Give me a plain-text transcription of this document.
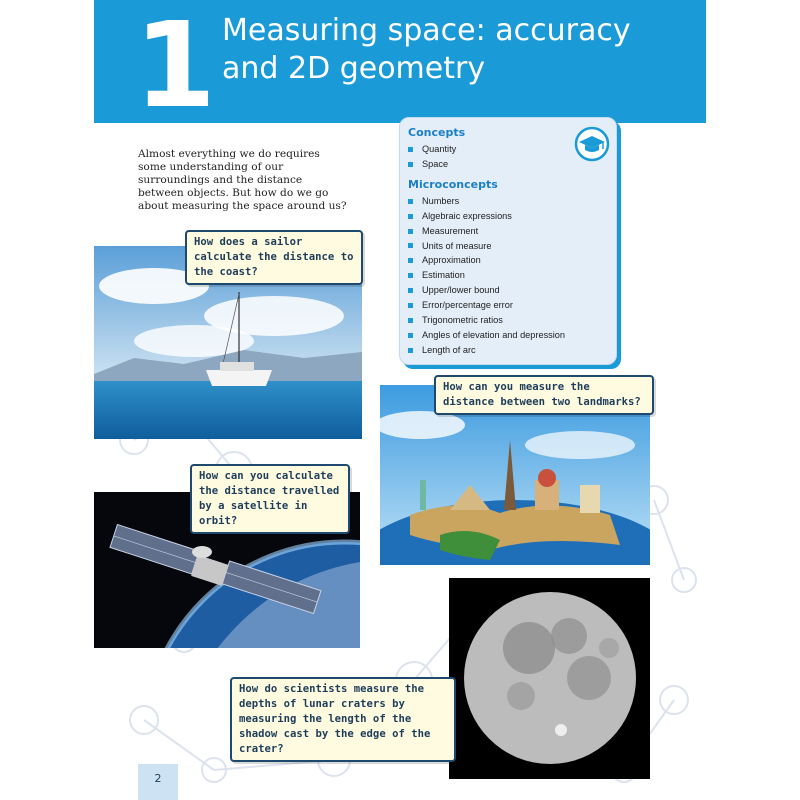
1 Measuring space: accuracy and 2D geometry

Almost everything we do requires some understanding of our surroundings and the distance between objects. But how do we go about measuring the space around us?

Concepts
Quantity
Space
Microconcepts
Numbers
Algebraic expressions
Measurement
Units of measure
Approximation
Estimation
Upper/lower bound
Error/percentage error
Trigonometric ratios
Angles of elevation and depression
Length of arc
How does a sailor calculate the distance to the coast?
How can you measure the distance between two landmarks?
How can you calculate the distance travelled by a satellite in orbit?
How do scientists measure the depths of lunar craters by measuring the length of the shadow cast by the edge of the crater?
2
